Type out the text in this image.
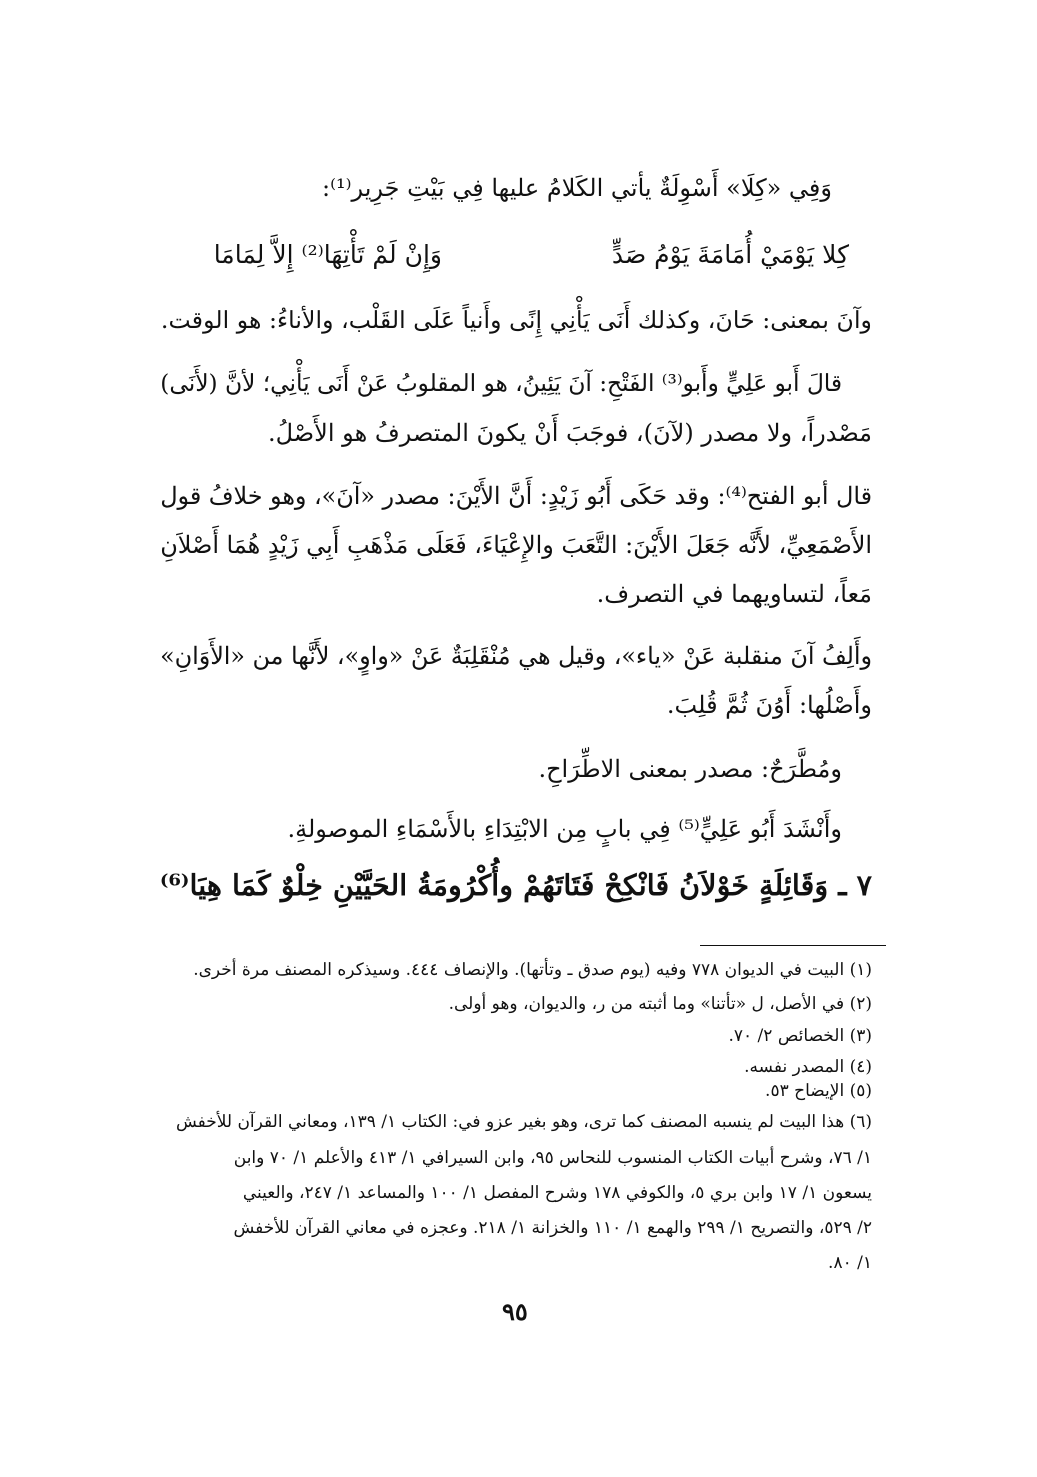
وَفِي «كِلَا» أَسْوِلَةٌ يأتي الكَلامُ عليها فِي بَيْتِ جَرِير⁽¹⁾:
كِلا يَوْمَيْ أُمَامَةَ يَوْمُ صَدٍّ
وَإِنْ لَمْ تَأْتِهَا⁽²⁾ إِلاَّ لِمَامَا
وآنَ بمعنى: حَانَ، وكذلك أَنَى يَأْنِي إِنًى وأَنياً عَلَى القَلْب، والأناءُ: هو الوقت.
قالَ أَبو عَلِيٍّ وأَبو⁽³⁾ الفَتْحِ: آنَ يَئِينُ، هو المقلوبُ عَنْ أَنَى يَأْنِي؛ لأنَّ (لأَنَى)
مَصْدراً، ولا مصدر (لآنَ)، فوجَبَ أَنْ يكونَ المتصرفُ هو الأَصْلُ.
قال أبو الفتح⁽⁴⁾: وقد حَكَى أَبُو زَيْدٍ: أَنَّ الأَيْنَ: مصدر «آنَ»، وهو خلافُ قول
الأَصْمَعِيِّ، لأَنَّه جَعَلَ الأَيْنَ: التَّعَبَ والإِعْيَاءَ، فَعَلَى مَذْهَبِ أَبِي زَيْدٍ هُمَا أَصْلاَنِ
مَعاً، لتساويهما في التصرف.
وأَلِفُ آنَ منقلبة عَنْ «ياء»، وقيل هي مُنْقَلِبَةٌ عَنْ «واوٍ»، لأَنَّها من «الأَوَانِ»
وأَصْلُها: أَوُنَ ثُمَّ قُلِبَ.
ومُطَّرَحٌ: مصدر بمعنى الاطِّرَاحِ.
وأَنْشَدَ أَبُو عَلِيٍّ⁽⁵⁾ فِي بابٍ مِن الابْتِدَاءِ بالأَسْمَاءِ الموصولةِ.
٧ ـ وَقَائِلَةٍ خَوْلاَنُ فَانْكِحْ فَتَاتَهُمْ وأُكْرُومَةُ الحَيَّيْنِ خِلْوٌ كَمَا هِيَا⁽⁶⁾
(١) البيت في الديوان ٧٧٨ وفيه (يوم صدق ـ وتأتها). والإنصاف ٤٤٤. وسيذكره المصنف مرة أخرى.
(٢) في الأصل، ل «تأتنا» وما أثبته من ر، والديوان، وهو أولى.
(٣) الخصائص ٢/ ٧٠.
(٤) المصدر نفسه.
(٥) الإيضاح ٥٣.
(٦) هذا البيت لم ينسبه المصنف كما ترى، وهو بغير عزو في: الكتاب ١/ ١٣٩، ومعاني القرآن للأخفش
١/ ٧٦، وشرح أبيات الكتاب المنسوب للنحاس ٩٥، وابن السيرافي ١/ ٤١٣ والأعلم ١/ ٧٠ وابن
يسعون ١/ ١٧ وابن بري ٥، والكوفي ١٧٨ وشرح المفصل ١/ ١٠٠ والمساعد ١/ ٢٤٧، والعيني
٢/ ٥٢٩، والتصريح ١/ ٢٩٩ والهمع ١/ ١١٠ والخزانة ١/ ٢١٨. وعجزه في معاني القرآن للأخفش
١/ ٨٠.
٩٥
